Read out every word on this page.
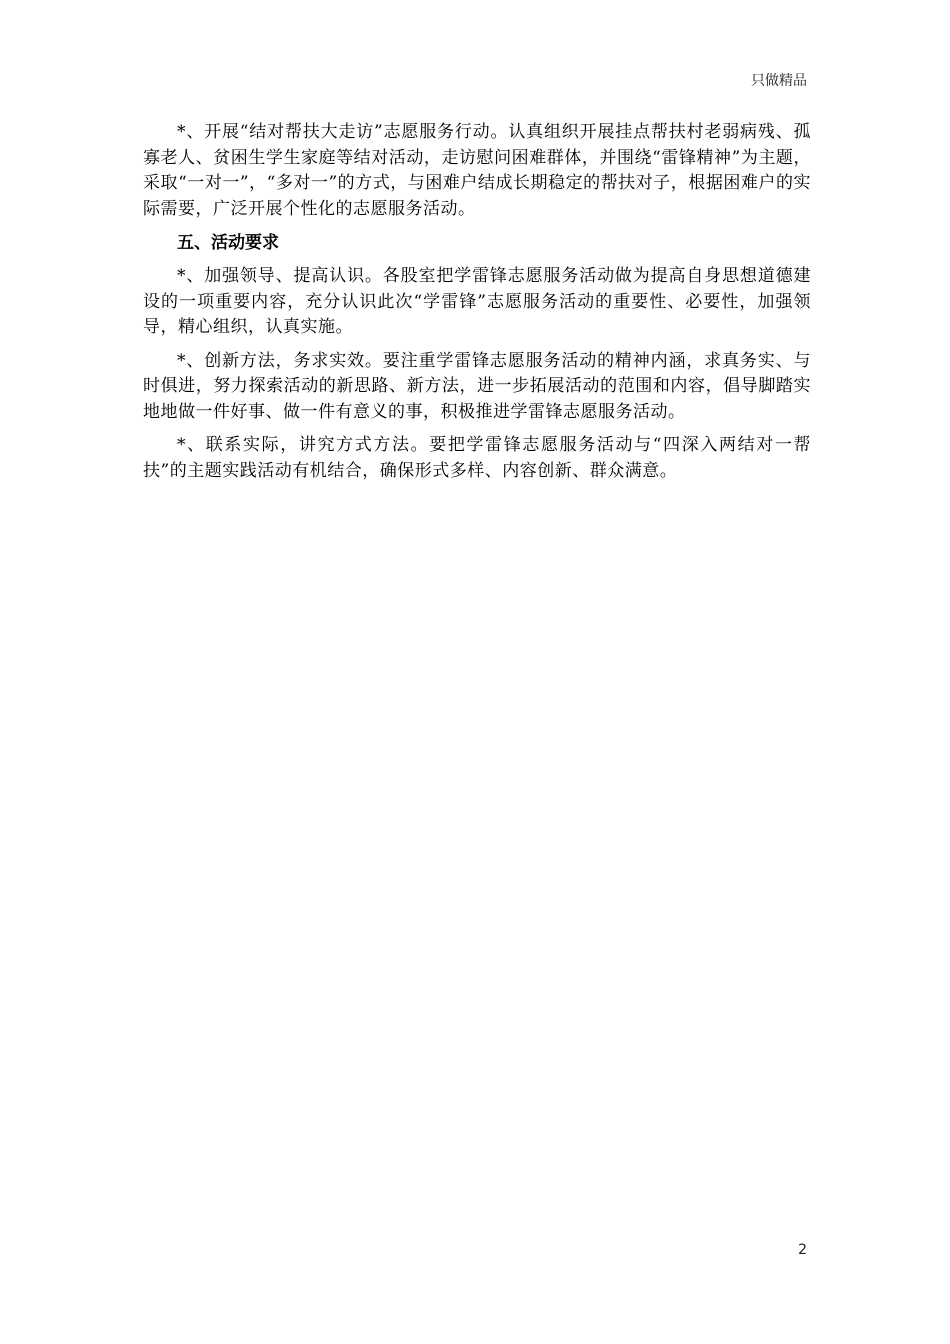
只做精品

*、开展“结对帮扶大走访”志愿服务行动。认真组织开展挂点帮扶村老弱病残、孤寡老人、贫困生学生家庭等结对活动，走访慰问困难群体，并围绕“雷锋精神”为主题，采取“一对一”，“多对一”的方式，与困难户结成长期稳定的帮扶对子，根据困难户的实际需要，广泛开展个性化的志愿服务活动。

五、活动要求

*、加强领导、提高认识。各股室把学雷锋志愿服务活动做为提高自身思想道德建设的一项重要内容，充分认识此次“学雷锋”志愿服务活动的重要性、必要性，加强领导，精心组织，认真实施。

*、创新方法，务求实效。要注重学雷锋志愿服务活动的精神内涵，求真务实、与时俱进，努力探索活动的新思路、新方法，进一步拓展活动的范围和内容，倡导脚踏实地地做一件好事、做一件有意义的事，积极推进学雷锋志愿服务活动。

*、联系实际，讲究方式方法。要把学雷锋志愿服务活动与“四深入两结对一帮扶”的主题实践活动有机结合，确保形式多样、内容创新、群众满意。

2
